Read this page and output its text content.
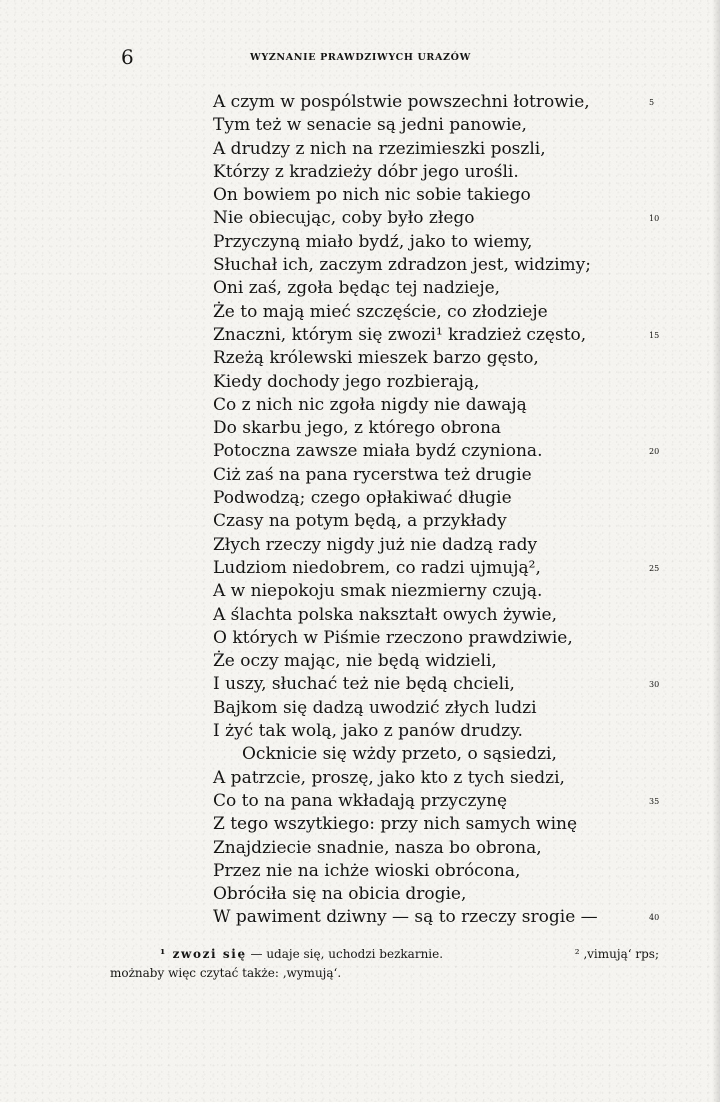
6	WYZNANIE PRAWDZIWYCH URAZÓW
A czym w pospólstwie powszechni łotrowie,	5
Tym też w senacie są jedni panowie,
A drudzy z nich na rzezimieszki poszli,
Którzy z kradzieży dóbr jego urośli.
On bowiem po nich nic sobie takiego
Nie obiecując, coby było złego	10
Przyczyną miało bydź, jako to wiemy,
Słuchał ich, zaczym zdradzon jest, widzimy;
Oni zaś, zgoła będąc tej nadzieje,
Że to mają mieć szczęście, co złodzieje
Znaczni, którym się zwozi¹ kradzież często,	15
Rzeżą królewski mieszek barzo gęsto,
Kiedy dochody jego rozbierają,
Co z nich nic zgoła nigdy nie dawają
Do skarbu jego, z którego obrona
Potoczna zawsze miała bydź czyniona.	20
Ciż zaś na pana rycerstwa też drugie
Podwodzą; czego opłakiwać długie
Czasy na potym będą, a przykłady
Złych rzeczy nigdy już nie dadzą rady
Ludziom niedobrem, co radzi ujmują²,	25
A w niepokoju smak niezmierny czują.
A ślachta polska nakształt owych żywie,
O których w Piśmie rzeczono prawdziwie,
Że oczy mając, nie będą widzieli,
I uszy, słuchać też nie będą chcieli,	30
Bajkom się dadzą uwodzić złych ludzi
I żyć tak wolą, jako z panów drudzy.
Ocknicie się wżdy przeto, o sąsiedzi,
A patrzcie, proszę, jako kto z tych siedzi,
Co to na pana wkładają przyczynę	35
Z tego wszytkiego: przy nich samych winę
Znajdziecie snadnie, nasza bo obrona,
Przez nie na ichże wioski obrócona,
Obróciła się na obicia drogie,
W pawiment dziwny — są to rzeczy srogie —	40
¹ zwozi się — udaje się, uchodzi bezkarnie.	² ‚vimują‘ rps;
możnaby więc czytać także: ‚wymują‘.
